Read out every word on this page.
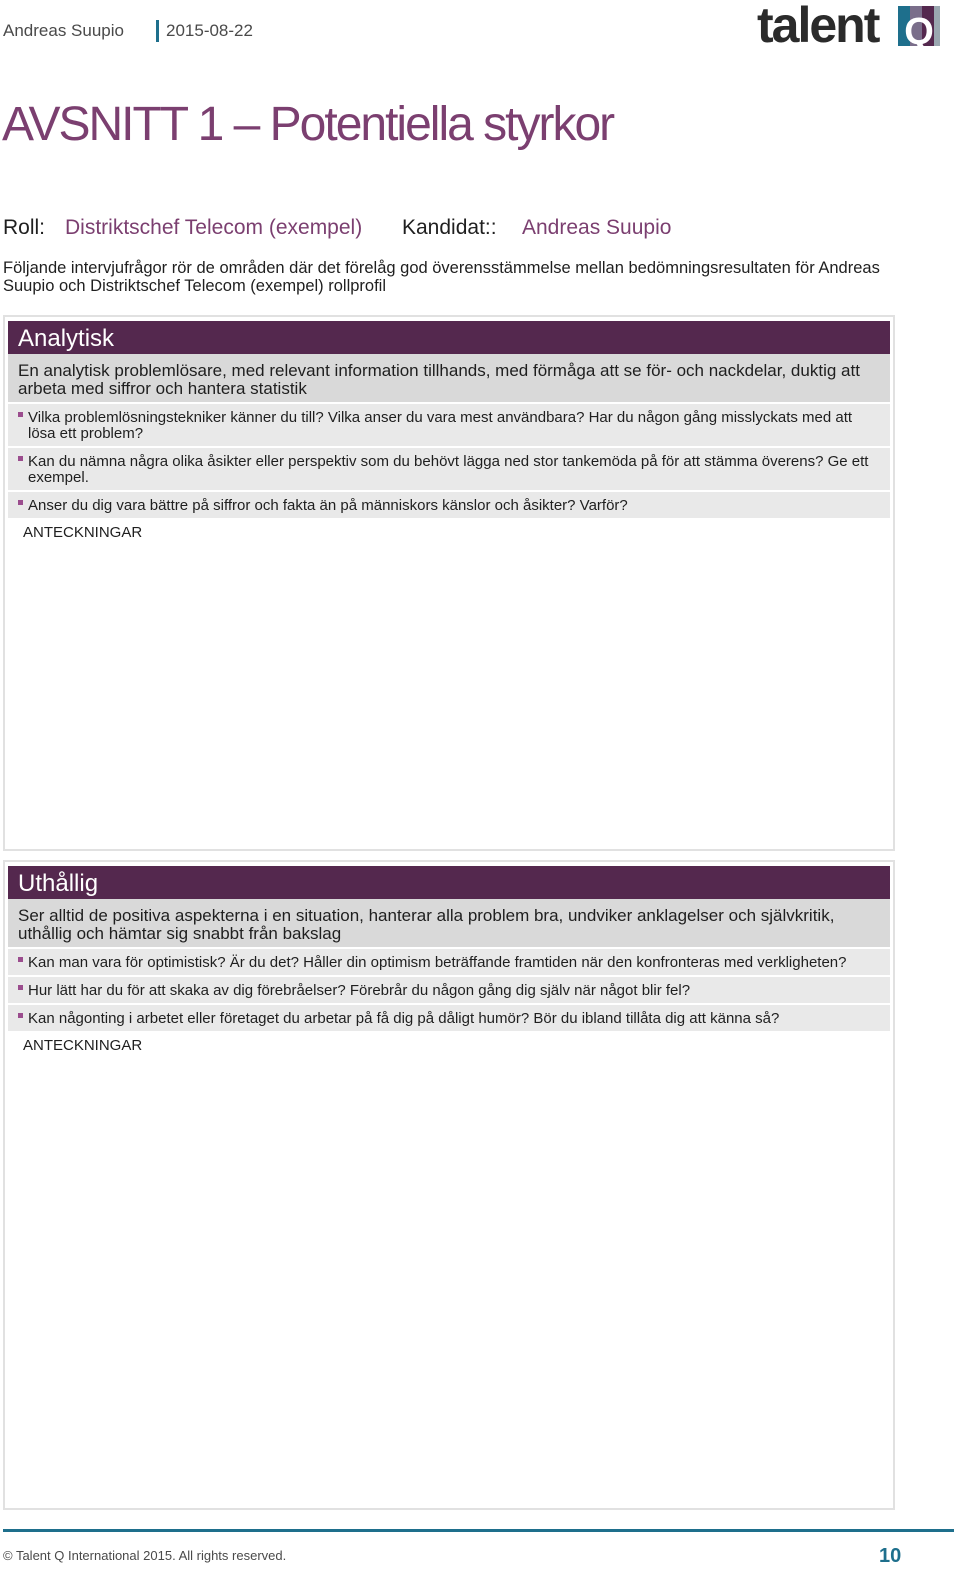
Andreas Suupio 2015-08-22	talent Q
AVSNITT 1 – Potentiella styrkor
Roll: Distriktschef Telecom (exempel) Kandidat:: Andreas Suupio
Följande intervjufrågor rör de områden där det förelåg god överensstämmelse mellan bedömningsresultaten för Andreas Suupio och Distriktschef Telecom (exempel) rollprofil
Analytisk
En analytisk problemlösare, med relevant information tillhands, med förmåga att se för- och nackdelar, duktig att arbeta med siffror och hantera statistik
Vilka problemlösningstekniker känner du till? Vilka anser du vara mest användbara? Har du någon gång misslyckats med att lösa ett problem?
Kan du nämna några olika åsikter eller perspektiv som du behövt lägga ned stor tankemöda på för att stämma överens? Ge ett exempel.
Anser du dig vara bättre på siffror och fakta än på människors känslor och åsikter? Varför?
ANTECKNINGAR
Uthållig
Ser alltid de positiva aspekterna i en situation, hanterar alla problem bra, undviker anklagelser och självkritik, uthållig och hämtar sig snabbt från bakslag
Kan man vara för optimistisk? Är du det? Håller din optimism beträffande framtiden när den konfronteras med verkligheten?
Hur lätt har du för att skaka av dig förebråelser? Förebrår du någon gång dig själv när något blir fel?
Kan någonting i arbetet eller företaget du arbetar på få dig på dåligt humör? Bör du ibland tillåta dig att känna så?
ANTECKNINGAR
© Talent Q International 2015. All rights reserved.	10
